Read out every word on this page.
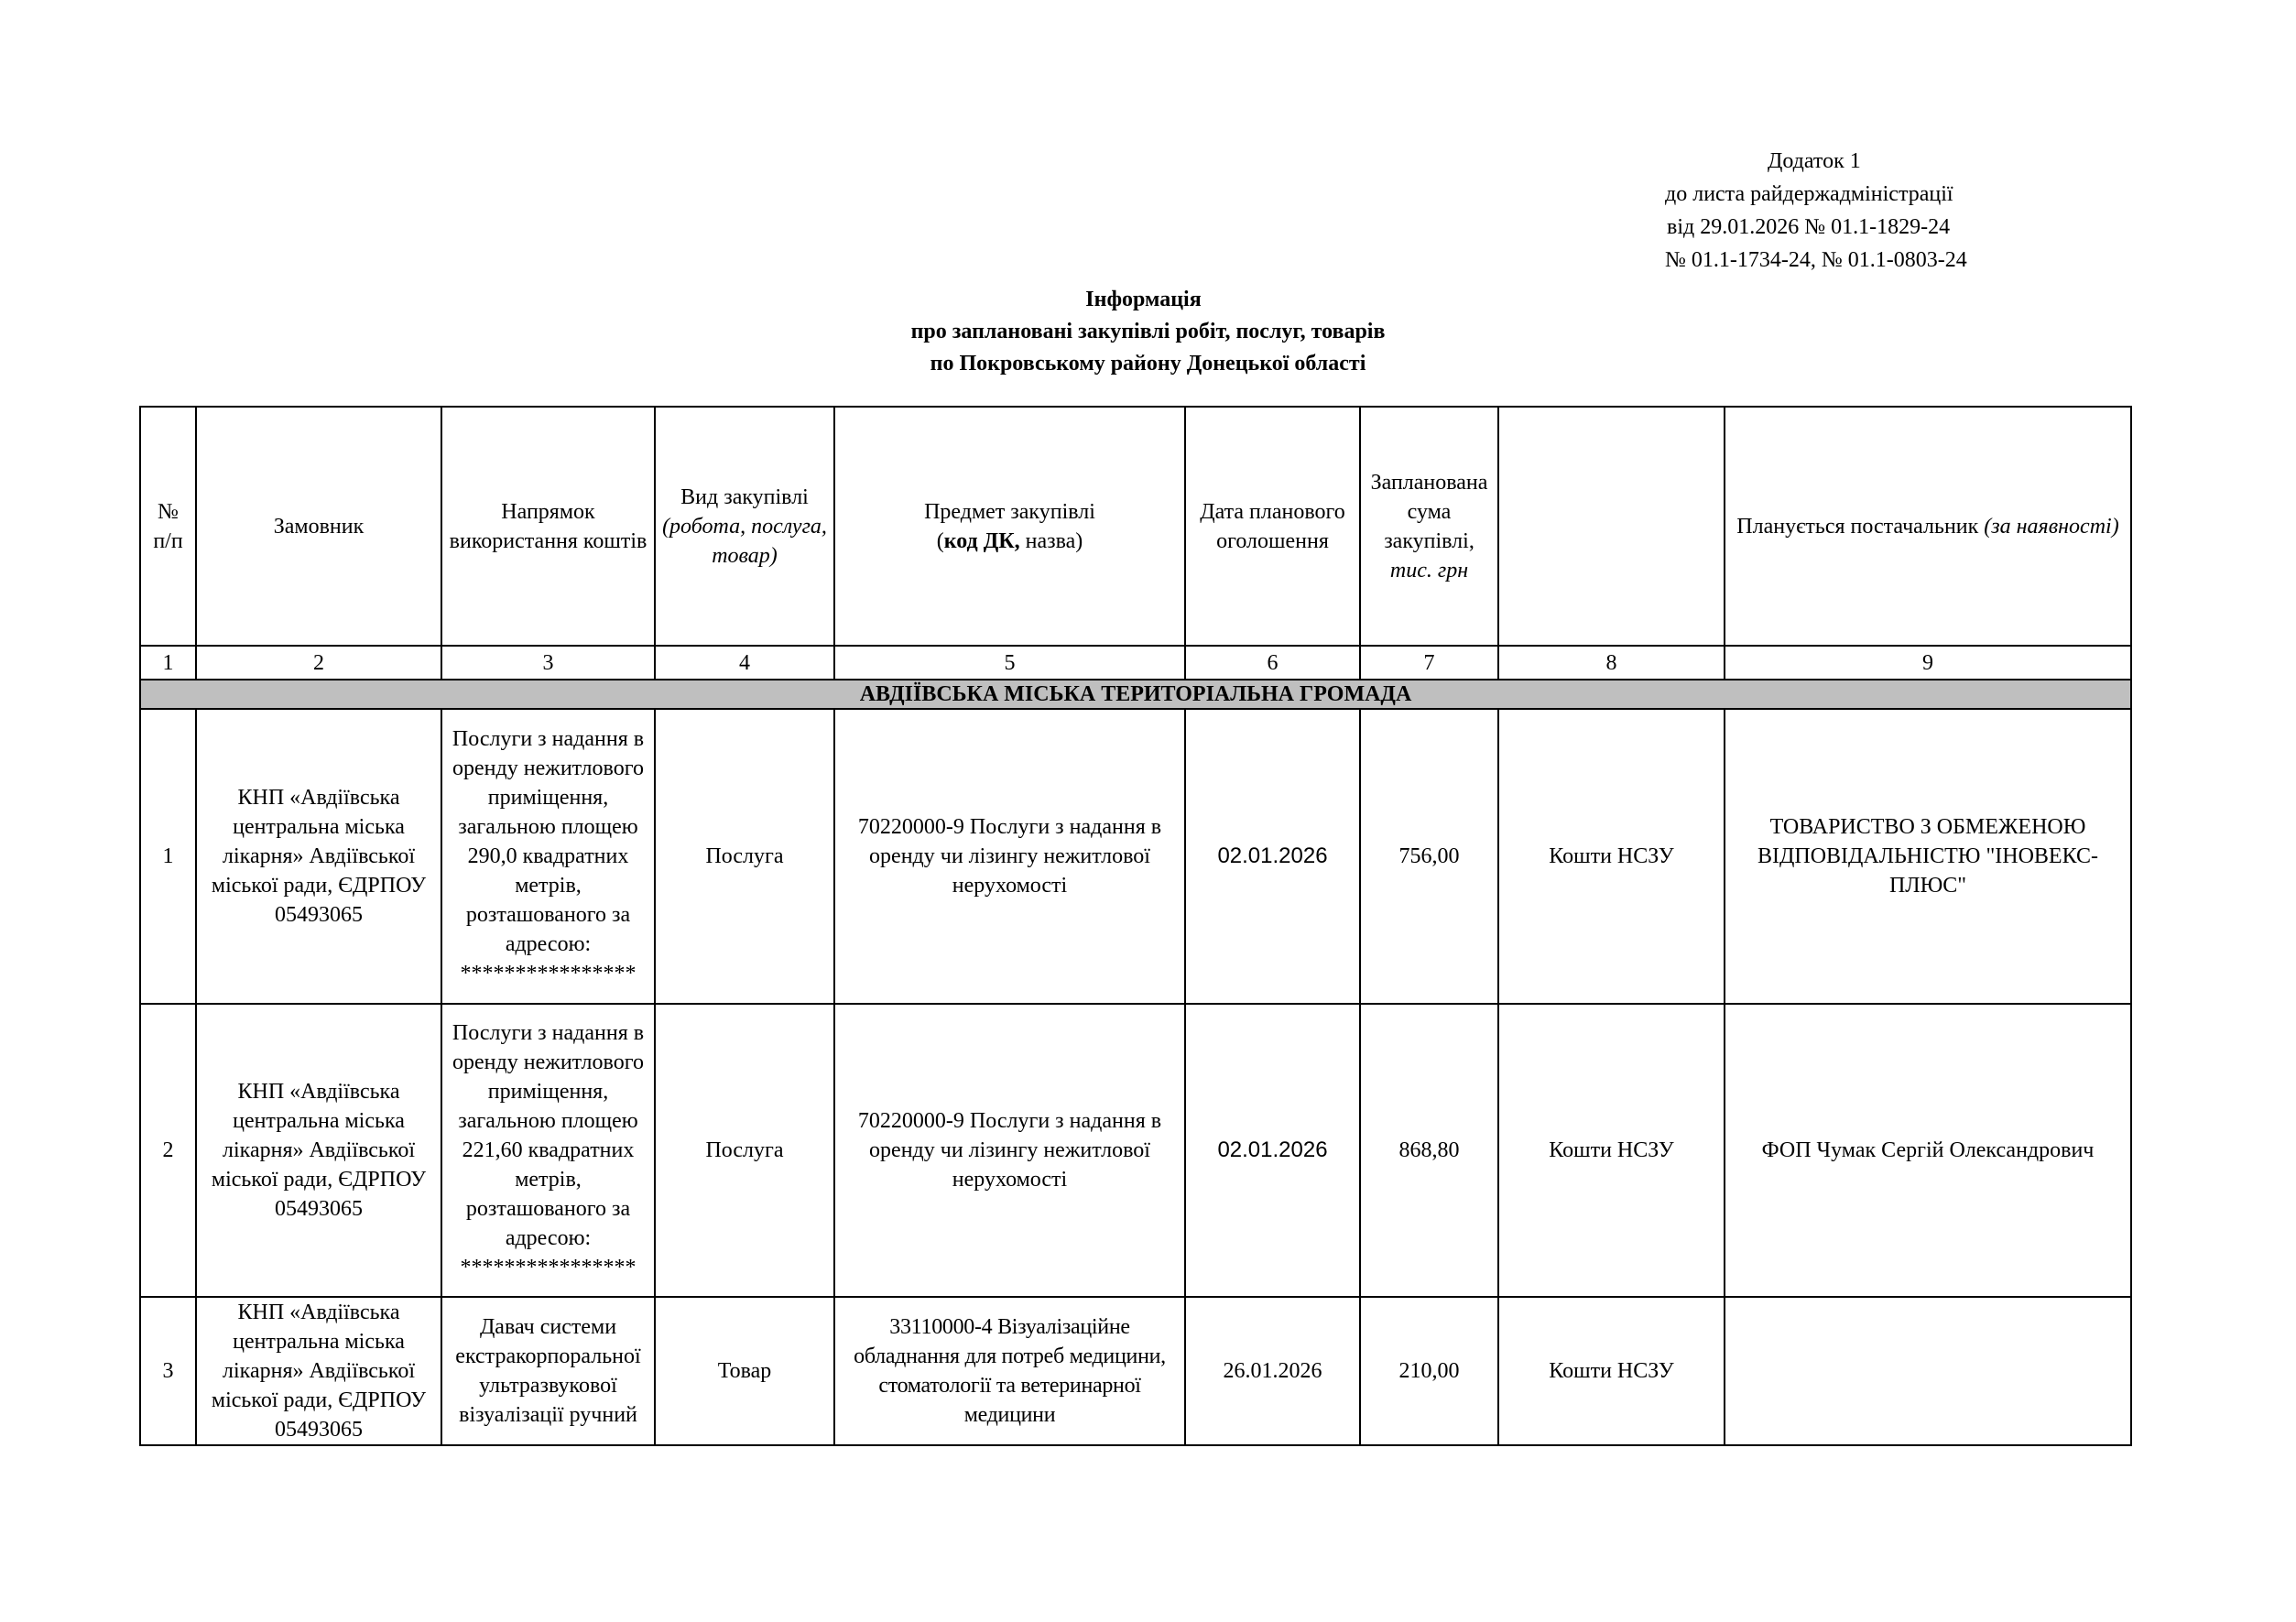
Додаток 1
до листа райдержадміністрації
від 29.01.2026 № 01.1-1829-24
№ 01.1-1734-24, № 01.1-0803-24
Інформація
про заплановані закупівлі робіт, послуг, товарів
по Покровському району Донецької області
№
п/п	Замовник	Напрямок використання коштів	Вид закупівлі
(робота, послуга, товар)	Предмет закупівлі
(код ДК, назва)	Дата планового оголошення	Запланована сума закупівлі,
тис. грн		Планується постачальник (за наявності)
1	2	3	4	5	6	7	8	9
АВДІЇВСЬКА МІСЬКА ТЕРИТОРІАЛЬНА ГРОМАДА								
1	КНП «Авдіївська центральна міська лікарня» Авдіївської міської ради, ЄДРПОУ 05493065	Послуги з надання в оренду нежитлового приміщення, загальною площею 290,0 квадратних метрів, розташованого за адресою: ****************	Послуга	70220000-9 Послуги з надання в оренду чи лізингу нежитлової нерухомості	02.01.2026	756,00	Кошти НСЗУ	ТОВАРИСТВО З ОБМЕЖЕНОЮ ВІДПОВІДАЛЬНІСТЮ "ІНОВЕКС-ПЛЮС"
2	КНП «Авдіївська центральна міська лікарня» Авдіївської міської ради, ЄДРПОУ 05493065	Послуги з надання в оренду нежитлового приміщення, загальною площею 221,60 квадратних метрів, розташованого за адресою: ****************	Послуга	70220000-9 Послуги з надання в оренду чи лізингу нежитлової нерухомості	02.01.2026	868,80	Кошти НСЗУ	ФОП Чумак Сергій Олександрович
3	КНП «Авдіївська центральна міська лікарня» Авдіївської міської ради, ЄДРПОУ 05493065	Давач системи екстракорпоральної ультразвукової візуалізації ручний	Товар	33110000-4 Візуалізаційне обладнання для потреб медицини, стоматології та ветеринарної медицини	26.01.2026	210,00	Кошти НСЗУ	
